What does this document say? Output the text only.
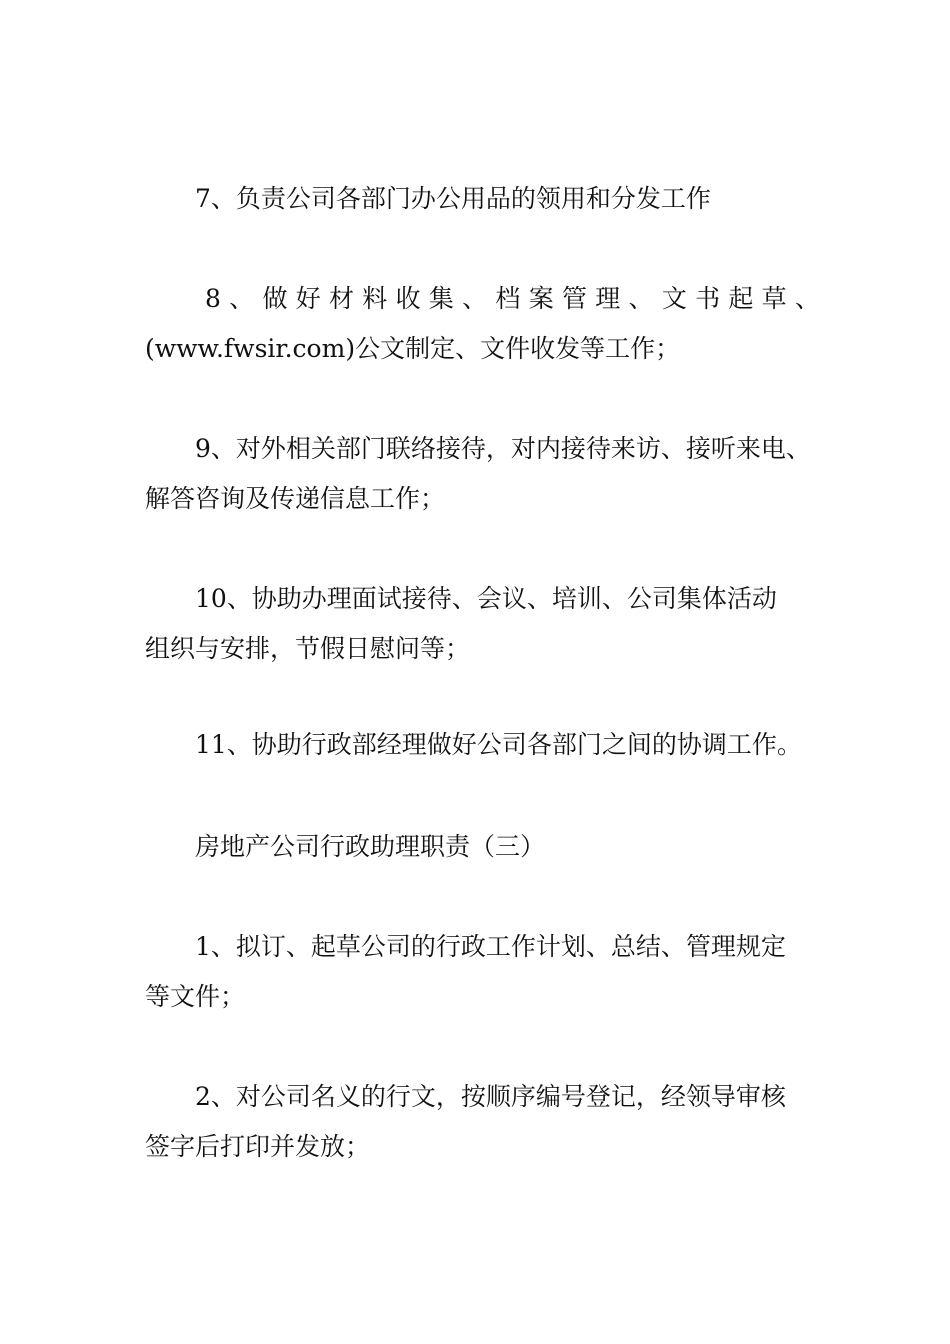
7、负责公司各部门办公用品的领用和分发工作
8 、 做 好 材 料 收 集 、 档 案 管 理 、 文 书 起 草 、
(www.fwsir.com)公文制定、文件收发等工作；
9、对外相关部门联络接待，对内接待来访、接听来电、
解答咨询及传递信息工作；
10、协助办理面试接待、会议、培训、公司集体活动
组织与安排，节假日慰问等；
11、协助行政部经理做好公司各部门之间的协调工作。
房地产公司行政助理职责（三）
1、拟订、起草公司的行政工作计划、总结、管理规定
等文件；
2、对公司名义的行文，按顺序编号登记，经领导审核
签字后打印并发放；
